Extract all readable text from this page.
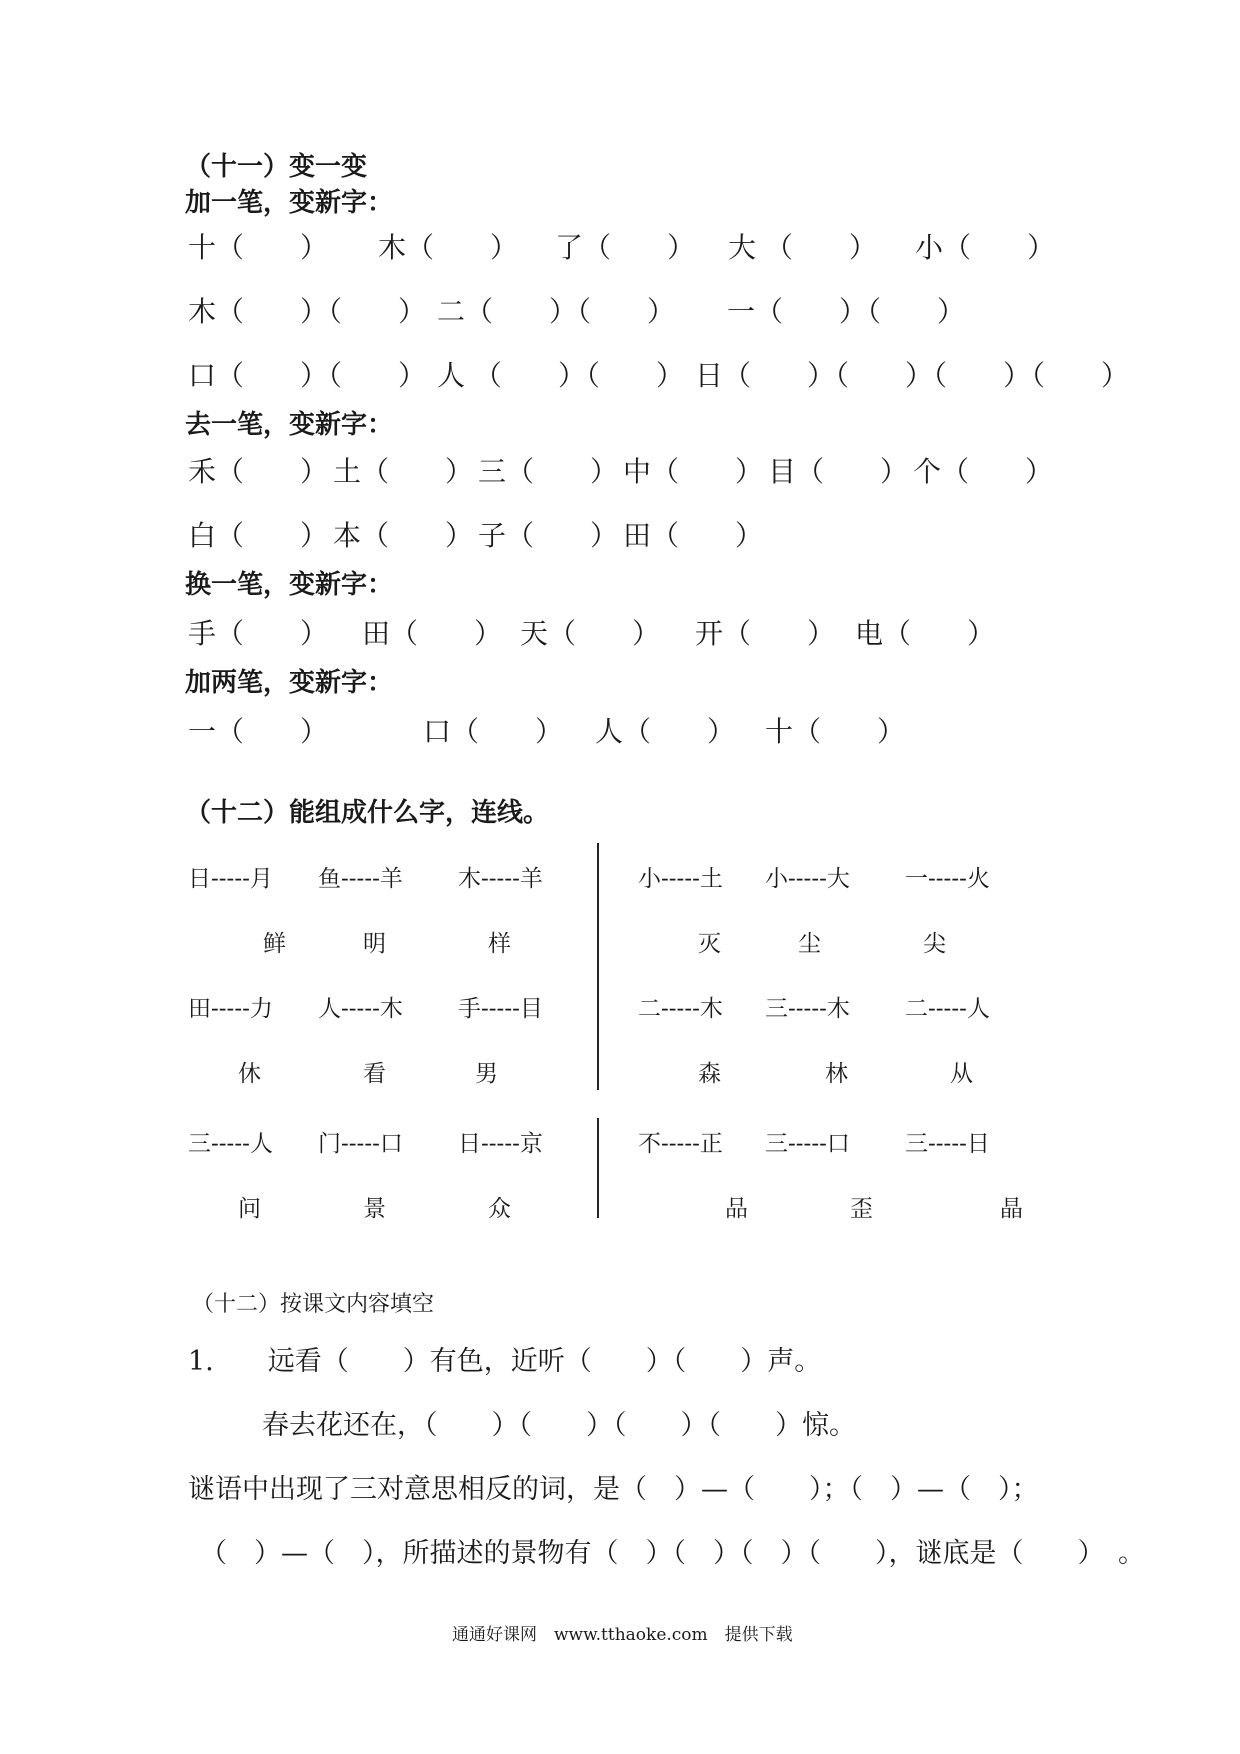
（十一）变一变
加一笔，变新字：
十（　　） 木（　　） 了（　　） 大 （　　） 小（　　）
木（　　）（　　） 二（　　）（　　） 一（　　）（　　）
口（　　）（　　） 人 （　　）（　　） 日（　　）（　　）（　　）（　　）
去一笔，变新字：
禾（　　） 土（　　） 三（　　） 中（　　） 目（　　） 个（　　）
白（　　） 本（　　） 子（　　） 田（　　）
换一笔，变新字：
手（　　） 田（　　） 天（　　） 开（　　） 电（　　）
加两笔，变新字：
一（　　）	口（　　） 人（　　） 十（　　）
（十二）能组成什么字，连线。
日-----月 鱼-----羊 木-----羊	小-----土 小-----大 一-----火
鲜	明	样	灭	尘	尖
田-----力 人-----木 手-----目	二-----木 三-----木 二-----人
休	看	男	森	林	从
三-----人 门-----口 日-----京	不-----正 三-----口 三-----日
问	景	众	品	歪	晶
（十二）按课文内容填空
1.　　远看（　　）有色，近听（　　）（　　）声。
春去花还在，（　　）（　　）（　　）（　　）惊。
谜语中出现了三对意思相反的词，是（　）—（　　）；（　）—（　）；
（　）—（　），所描述的景物有（　）（　）（　）（　　），谜底是（　　）　。
通通好课网　www.tthaoke.com　提供下载
